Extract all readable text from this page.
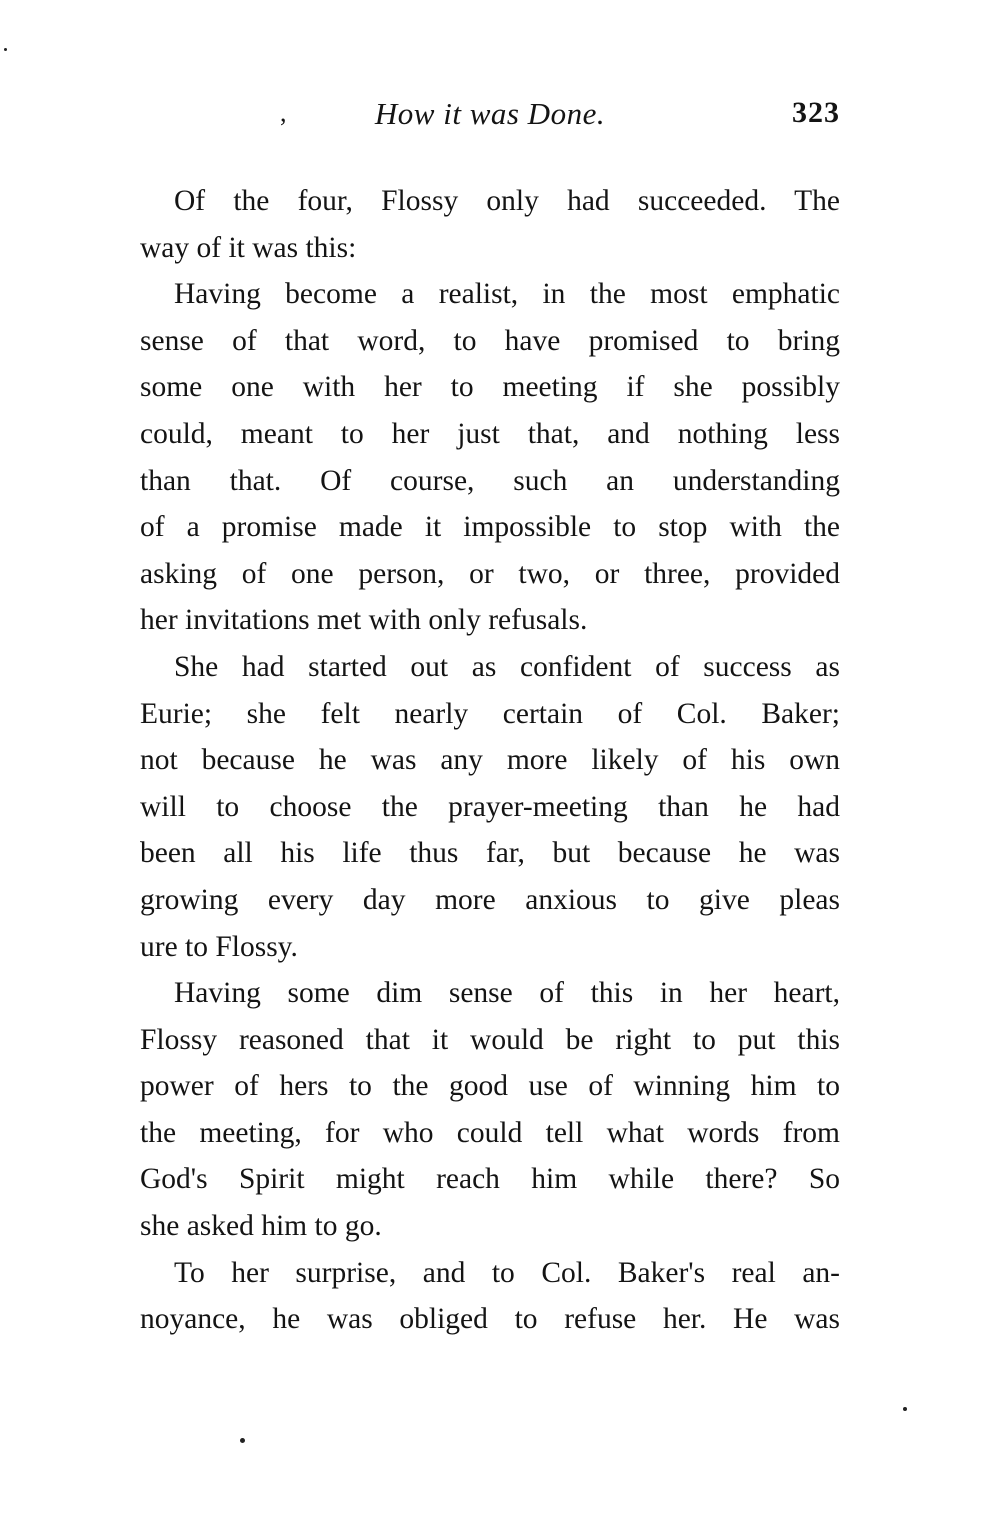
,	How it was Done.	323

Of the four, Flossy only had succeeded. The
way of it was this:

Having become a realist, in the most emphatic
sense of that word, to have promised to bring
some one with her to meeting if she possibly
could, meant to her just that, and nothing less
than that. Of course, such an understanding
of a promise made it impossible to stop with the
asking of one person, or two, or three, provided
her invitations met with only refusals.

She had started out as confident of success as
Eurie; she felt nearly certain of Col. Baker;
not because he was any more likely of his own
will to choose the prayer-meeting than he had
been all his life thus far, but because he was
growing every day more anxious to give pleas
ure to Flossy.

Having some dim sense of this in her heart,
Flossy reasoned that it would be right to put this
power of hers to the good use of winning him to
the meeting, for who could tell what words from
God's Spirit might reach him while there? So
she asked him to go.

To her surprise, and to Col. Baker's real an-
noyance, he was obliged to refuse her. He was
